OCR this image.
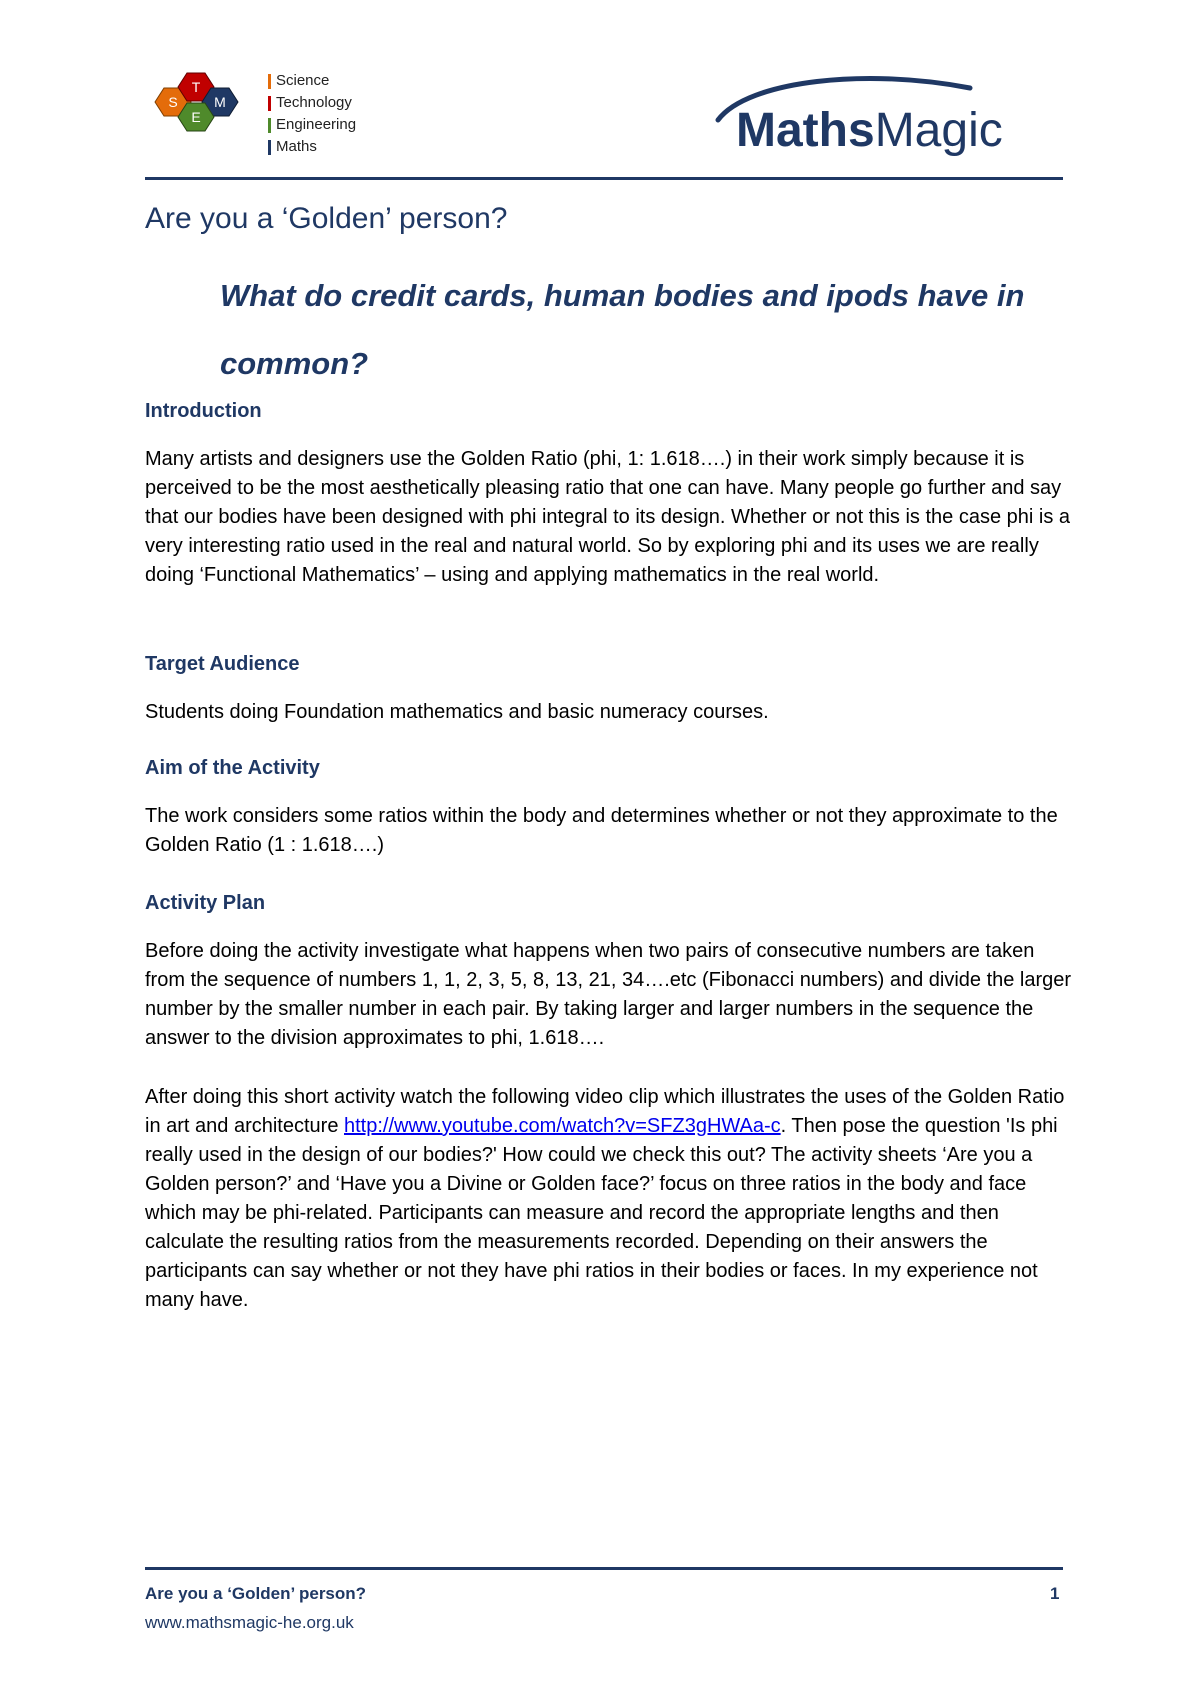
S
T
M
E
Science
Technology
Engineering
Maths	MathsMagic
Are you a ‘Golden’ person?
What do credit cards, human bodies and ipods have in common?
Introduction

Many artists and designers use the Golden Ratio (phi, 1: 1.618….) in their work simply because it is perceived to be the most aesthetically pleasing ratio that one can have. Many people go further and say that our bodies have been designed with phi integral to its design. Whether or not this is the case phi is a very interesting ratio used in the real and natural world. So by exploring phi and its uses we are really doing ‘Functional Mathematics’ – using and applying mathematics in the real world.

Target Audience

Students doing Foundation mathematics and basic numeracy courses.

Aim of the Activity

The work considers some ratios within the body and determines whether or not they approximate to the Golden Ratio (1 : 1.618….)

Activity Plan

Before doing the activity investigate what happens when two pairs of consecutive numbers are taken from the sequence of numbers 1, 1, 2, 3, 5, 8, 13, 21, 34….etc (Fibonacci numbers) and divide the larger number by the smaller number in each pair. By taking larger and larger numbers in the sequence the answer to the division approximates to phi, 1.618….

After doing this short activity watch the following video clip which illustrates the uses of the Golden Ratio in art and architecture http://www.youtube.com/watch?v=SFZ3gHWAa-c. Then pose the question 'Is phi really used in the design of our bodies?' How could we check this out? The activity sheets ‘Are you a Golden person?’ and ‘Have you a Divine or Golden face?’ focus on three ratios in the body and face which may be phi-related. Participants can measure and record the appropriate lengths and then calculate the resulting ratios from the measurements recorded. Depending on their answers the participants can say whether or not they have phi ratios in their bodies or faces. In my experience not many have.

Are you a ‘Golden’ person?	1
www.mathsmagic-he.org.uk
